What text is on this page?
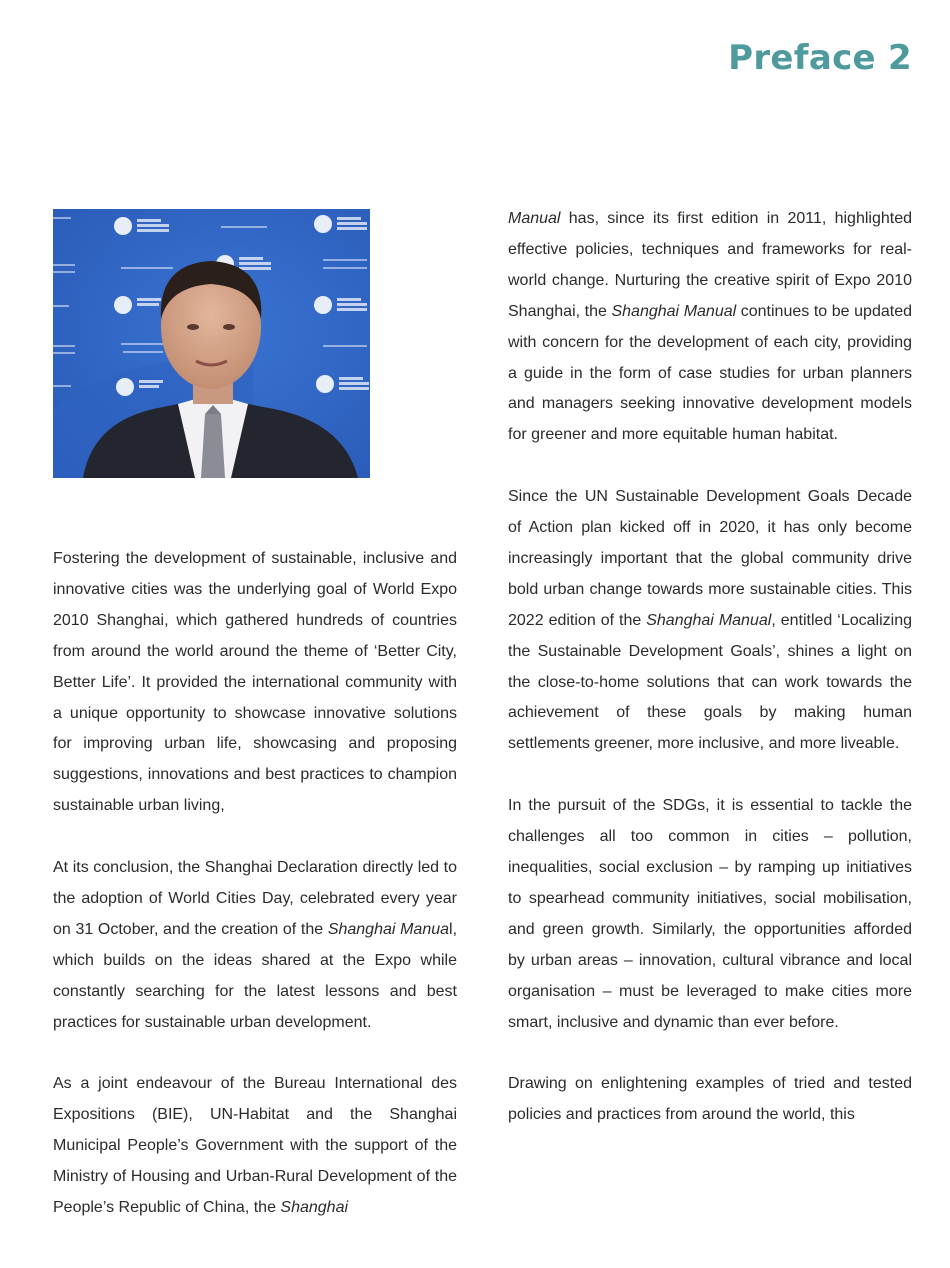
Preface 2

Fostering the development of sustainable, inclusive and innovative cities was the underlying goal of World Expo 2010 Shanghai, which gathered hundreds of countries from around the world around the theme of ‘Better City, Better Life’. It provided the international community with a unique opportunity to showcase innovative solutions for improving urban life, showcasing and proposing suggestions, innovations and best practices to champion sustainable urban living,

At its conclusion, the Shanghai Declaration directly led to the adoption of World Cities Day, celebrated every year on 31 October, and the creation of the Shanghai Manual, which builds on the ideas shared at the Expo while constantly searching for the latest lessons and best practices for sustainable urban development.

As a joint endeavour of the Bureau International des Expositions (BIE), UN-Habitat and the Shanghai Municipal People’s Government with the support of the Ministry of Housing and Urban-Rural Development of the People’s Republic of China, the Shanghai

Manual has, since its first edition in 2011, highlighted effective policies, techniques and frameworks for real-world change. Nurturing the creative spirit of Expo 2010 Shanghai, the Shanghai Manual continues to be updated with concern for the development of each city, providing a guide in the form of case studies for urban planners and managers seeking innovative development models for greener and more equitable human habitat.

Since the UN Sustainable Development Goals Decade of Action plan kicked off in 2020, it has only become increasingly important that the global community drive bold urban change towards more sustainable cities. This 2022 edition of the Shanghai Manual, entitled ‘Localizing the Sustainable Development Goals’, shines a light on the close-to-home solutions that can work towards the achievement of these goals by making human settlements greener, more inclusive, and more liveable.

In the pursuit of the SDGs, it is essential to tackle the challenges all too common in cities – pollution, inequalities, social exclusion – by ramping up initiatives to spearhead community initiatives, social mobilisation, and green growth. Similarly, the opportunities afforded by urban areas – innovation, cultural vibrance and local organisation – must be leveraged to make cities more smart, inclusive and dynamic than ever before.

Drawing on enlightening examples of tried and tested policies and practices from around the world, this
